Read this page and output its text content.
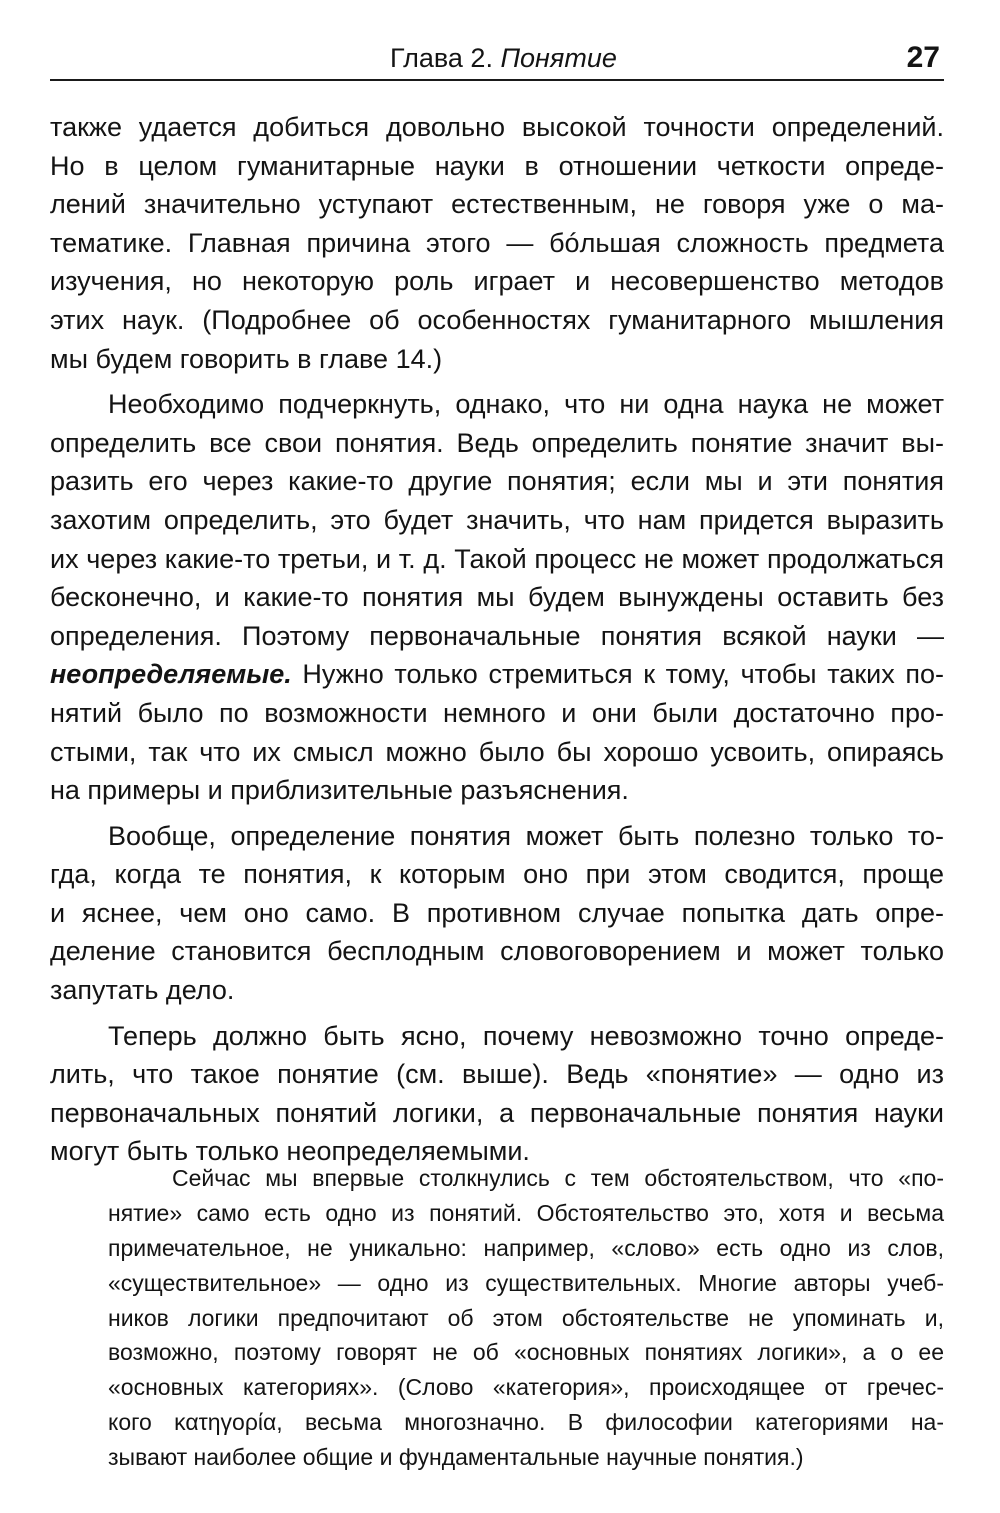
Глава 2. Понятие	27
также удается добиться довольно высокой точности определений.
Но в целом гуманитарные науки в отношении четкости опреде-
лений значительно уступают естественным, не говоря уже о ма-
тематике. Главная причина этого — бóльшая сложность предмета
изучения, но некоторую роль играет и несовершенство методов
этих наук. (Подробнее об особенностях гуманитарного мышления
мы будем говорить в главе 14.)
Необходимо подчеркнуть, однако, что ни одна наука не может
определить все свои понятия. Ведь определить понятие значит вы-
разить его через какие-то другие понятия; если мы и эти понятия
захотим определить, это будет значить, что нам придется выразить
их через какие-то третьи, и т. д. Такой процесс не может продолжаться
бесконечно, и какие-то понятия мы будем вынуждены оставить без
определения. Поэтому первоначальные понятия всякой науки —
неопределяемые. Нужно только стремиться к тому, чтобы таких по-
нятий было по возможности немного и они были достаточно про-
стыми, так что их смысл можно было бы хорошо усвоить, опираясь
на примеры и приблизительные разъяснения.
Вообще, определение понятия может быть полезно только то-
гда, когда те понятия, к которым оно при этом сводится, проще
и яснее, чем оно само. В противном случае попытка дать опре-
деление становится бесплодным словоговорением и может только
запутать дело.
Теперь должно быть ясно, почему невозможно точно опреде-
лить, что такое понятие (см. выше). Ведь «понятие» — одно из
первоначальных понятий логики, а первоначальные понятия науки
могут быть только неопределяемыми.
Сейчас мы впервые столкнулись с тем обстоятельством, что «по-
нятие» само есть одно из понятий. Обстоятельство это, хотя и весьма
примечательное, не уникально: например, «слово» есть одно из слов,
«существительное» — одно из существительных. Многие авторы учеб-
ников логики предпочитают об этом обстоятельстве не упоминать и,
возможно, поэтому говорят не об «основных понятиях логики», а о ее
«основных категориях». (Слово «категория», происходящее от гречес-
кого κατηγορία, весьма многозначно. В философии категориями на-
зывают наиболее общие и фундаментальные научные понятия.)
